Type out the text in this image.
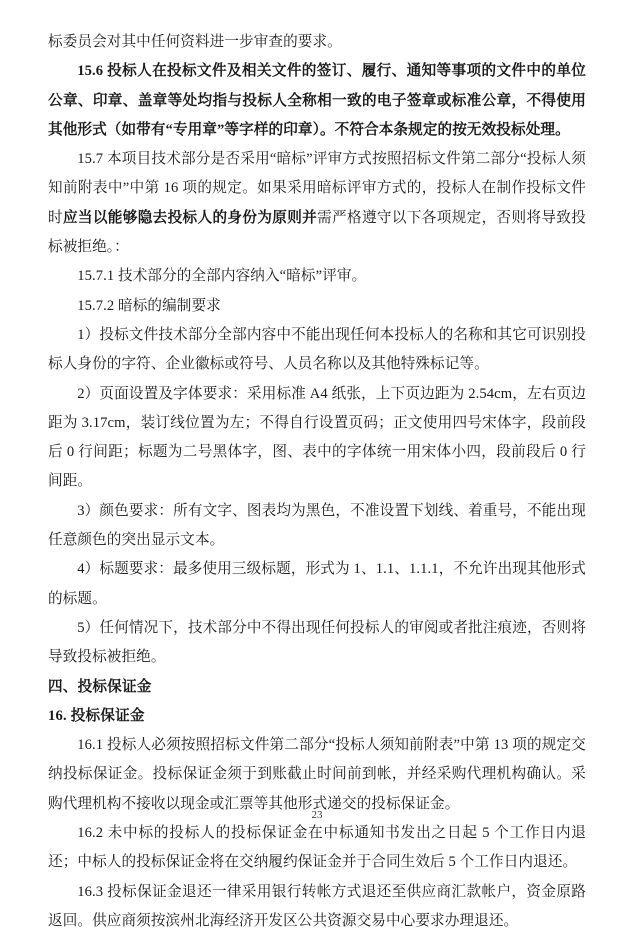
标委员会对其中任何资料进一步审查的要求。

15.6 投标人在投标文件及相关文件的签订、履行、通知等事项的文件中的单位公章、印章、盖章等处均指与投标人全称相一致的电子签章或标准公章，不得使用其他形式（如带有“专用章”等字样的印章）。不符合本条规定的按无效投标处理。

15.7 本项目技术部分是否采用“暗标”评审方式按照招标文件第二部分“投标人须知前附表中”中第 16 项的规定。如果采用暗标评审方式的，投标人在制作投标文件时应当以能够隐去投标人的身份为原则并需严格遵守以下各项规定，否则将导致投标被拒绝。：

15.7.1 技术部分的全部内容纳入“暗标”评审。

15.7.2 暗标的编制要求

1）投标文件技术部分全部内容中不能出现任何本投标人的名称和其它可识别投标人身份的字符、企业徽标或符号、人员名称以及其他特殊标记等。

2）页面设置及字体要求：采用标准 A4 纸张，上下页边距为 2.54cm，左右页边距为 3.17cm，装订线位置为左；不得自行设置页码；正文使用四号宋体字，段前段后 0 行间距；标题为二号黑体字，图、表中的字体统一用宋体小四，段前段后 0 行间距。

3）颜色要求：所有文字、图表均为黑色，不准设置下划线、着重号，不能出现任意颜色的突出显示文本。

4）标题要求：最多使用三级标题，形式为 1、1.1、1.1.1，不允许出现其他形式的标题。

5）任何情况下，技术部分中不得出现任何投标人的审阅或者批注痕迹，否则将导致投标被拒绝。

四、投标保证金

16. 投标保证金

16.1 投标人必须按照招标文件第二部分“投标人须知前附表”中第 13 项的规定交纳投标保证金。投标保证金须于到账截止时间前到帐，并经采购代理机构确认。采购代理机构不接收以现金或汇票等其他形式递交的投标保证金。

16.2 未中标的投标人的投标保证金在中标通知书发出之日起 5 个工作日内退还；中标人的投标保证金将在交纳履约保证金并于合同生效后 5 个工作日内退还。

16.3 投标保证金退还一律采用银行转帐方式退还至供应商汇款帐户，资金原路返回。供应商须按滨州北海经济开发区公共资源交易中心要求办理退还。

23
